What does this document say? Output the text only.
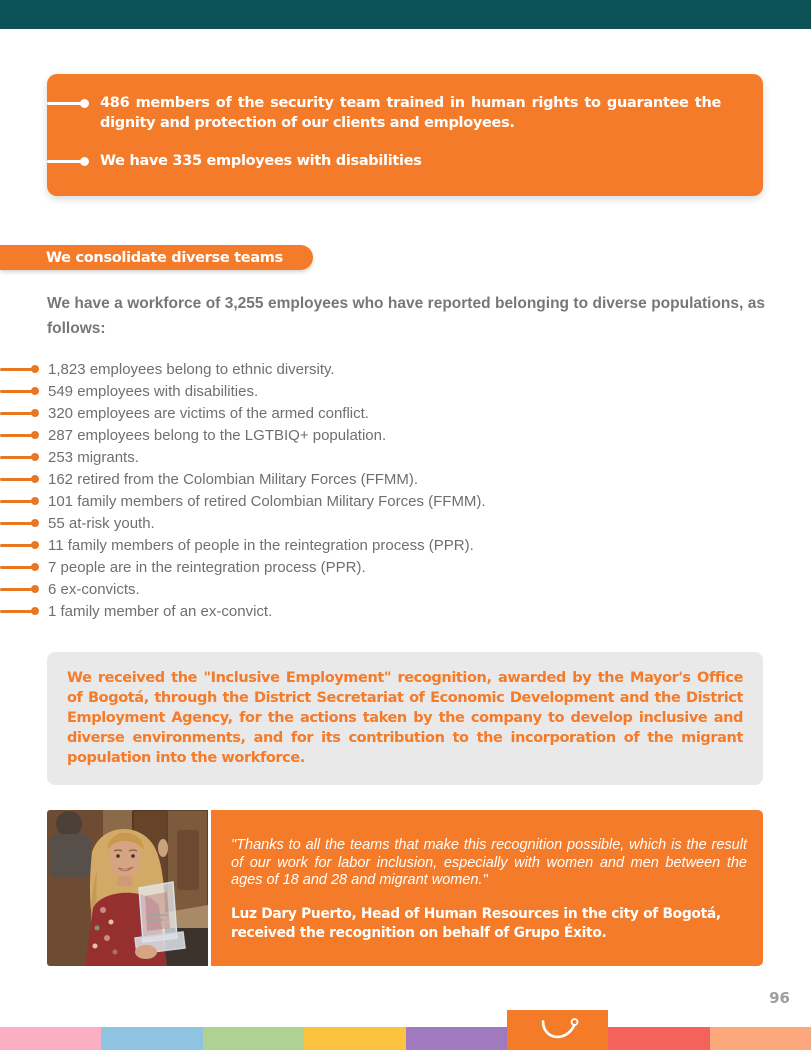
486 members of the security team trained in human rights to guarantee the dignity and protection of our clients and employees.

We have 335 employees with disabilities

We consolidate diverse teams

We have a workforce of 3,255 employees who have reported belonging to diverse populations, as follows:

1,823 employees belong to ethnic diversity.
549 employees with disabilities.
320 employees are victims of the armed conflict.
287 employees belong to the LGTBIQ+ population.
253 migrants.
162 retired from the Colombian Military Forces (FFMM).
101 family members of retired Colombian Military Forces (FFMM).
55 at-risk youth.
11 family members of people in the reintegration process (PPR).
7 people are in the reintegration process (PPR).
6 ex-convicts.
1 family member of an ex-convict.

We received the "Inclusive Employment" recognition, awarded by the Mayor's Office of Bogotá, through the District Secretariat of Economic Development and the District Employment Agency, for the actions taken by the company to develop inclusive and diverse environments, and for its contribution to the incorporation of the migrant population into the workforce.

"Thanks to all the teams that make this recognition possible, which is the result of our work for labor inclusion, especially with women and men between the ages of 18 and 28 and migrant women."

Luz Dary Puerto, Head of Human Resources in the city of Bogotá, received the recognition on behalf of Grupo Éxito.

96
